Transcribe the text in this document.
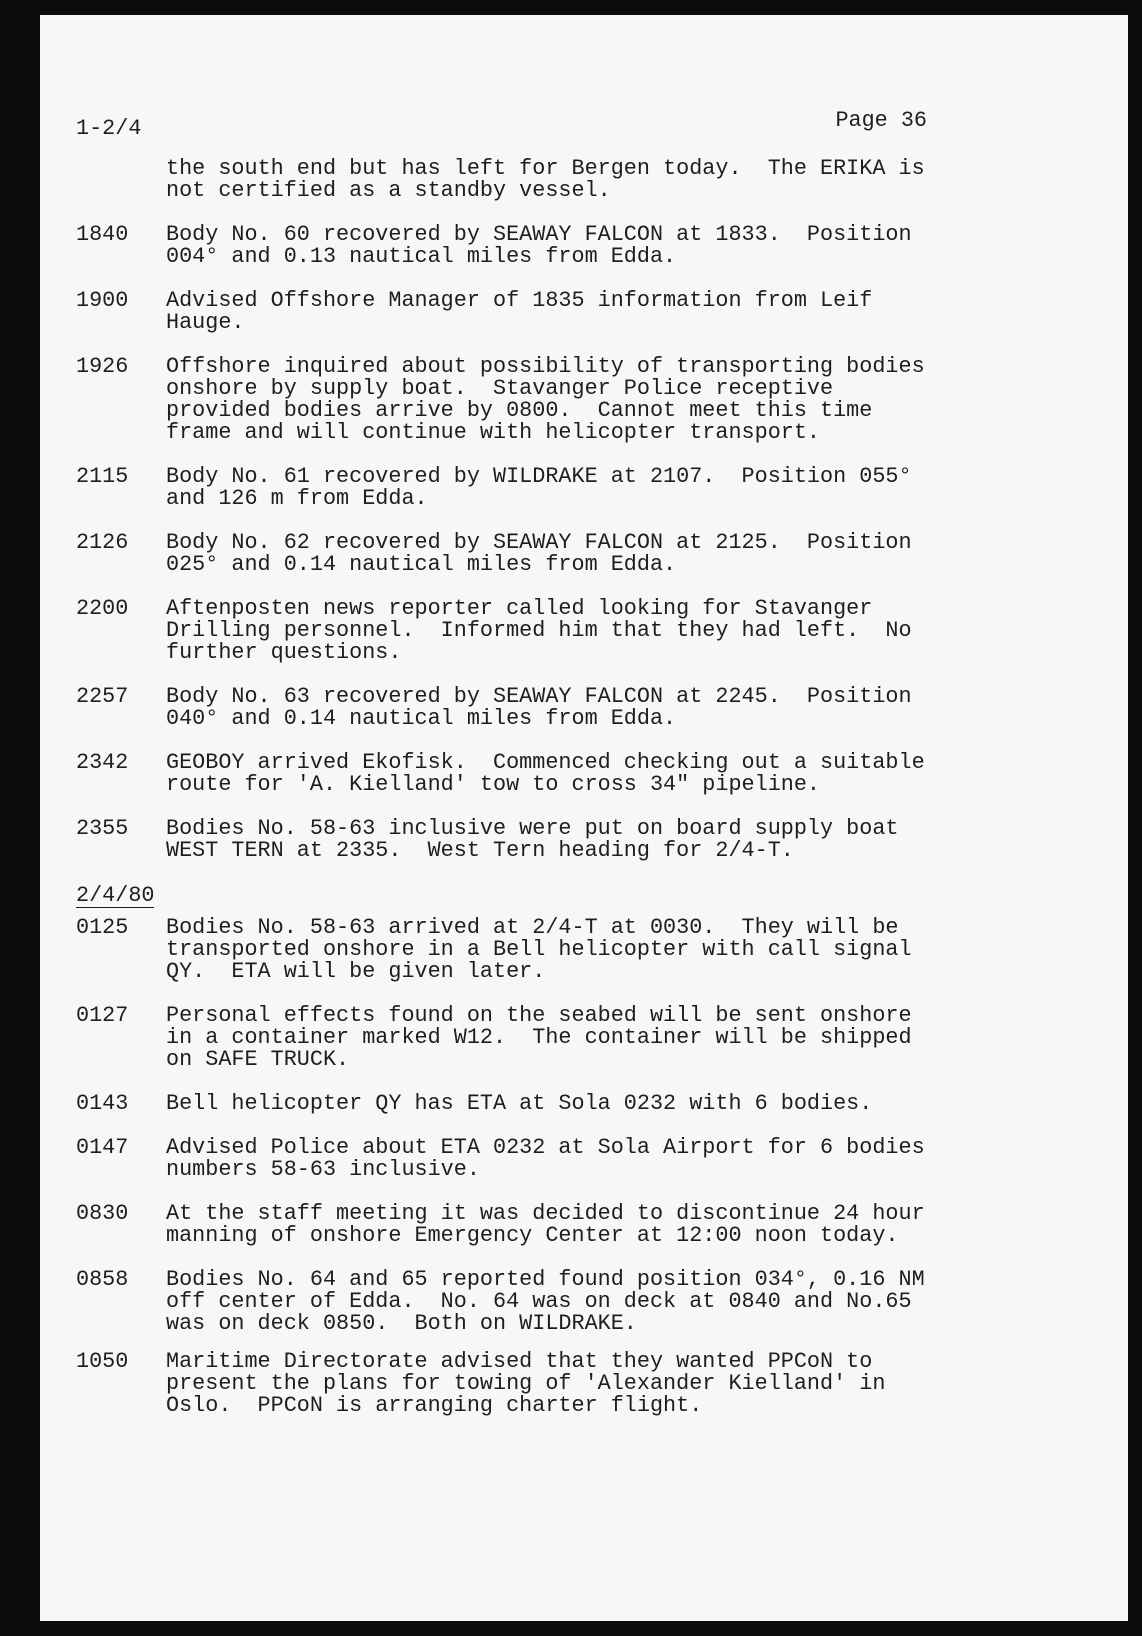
1-2/4	Page 36
the south end but has left for Bergen today.  The ERIKA is
not certified as a standby vessel.
2/4/80
1840 Body No. 60 recovered by SEAWAY FALCON at 1833.  Position
004° and 0.13 nautical miles from Edda.
1900 Advised Offshore Manager of 1835 information from Leif
Hauge.
1926 Offshore inquired about possibility of transporting bodies
onshore by supply boat.  Stavanger Police receptive
provided bodies arrive by 0800.  Cannot meet this time
frame and will continue with helicopter transport.
2115 Body No. 61 recovered by WILDRAKE at 2107.  Position 055°
and 126 m from Edda.
2126 Body No. 62 recovered by SEAWAY FALCON at 2125.  Position
025° and 0.14 nautical miles from Edda.
2200 Aftenposten news reporter called looking for Stavanger
Drilling personnel.  Informed him that they had left.  No
further questions.
2257 Body No. 63 recovered by SEAWAY FALCON at 2245.  Position
040° and 0.14 nautical miles from Edda.
2342 GEOBOY arrived Ekofisk.  Commenced checking out a suitable
route for 'A. Kielland' tow to cross 34" pipeline.
2355 Bodies No. 58-63 inclusive were put on board supply boat
WEST TERN at 2335.  West Tern heading for 2/4-T.
0125 Bodies No. 58-63 arrived at 2/4-T at 0030.  They will be
transported onshore in a Bell helicopter with call signal
QY.  ETA will be given later.
0127 Personal effects found on the seabed will be sent onshore
in a container marked W12.  The container will be shipped
on SAFE TRUCK.
0143 Bell helicopter QY has ETA at Sola 0232 with 6 bodies.
0147 Advised Police about ETA 0232 at Sola Airport for 6 bodies
numbers 58-63 inclusive.
0830 At the staff meeting it was decided to discontinue 24 hour
manning of onshore Emergency Center at 12:00 noon today.
0858 Bodies No. 64 and 65 reported found position 034°, 0.16 NM
off center of Edda.  No. 64 was on deck at 0840 and No.65
was on deck 0850.  Both on WILDRAKE.
1050 Maritime Directorate advised that they wanted PPCoN to
present the plans for towing of 'Alexander Kielland' in
Oslo.  PPCoN is arranging charter flight.
